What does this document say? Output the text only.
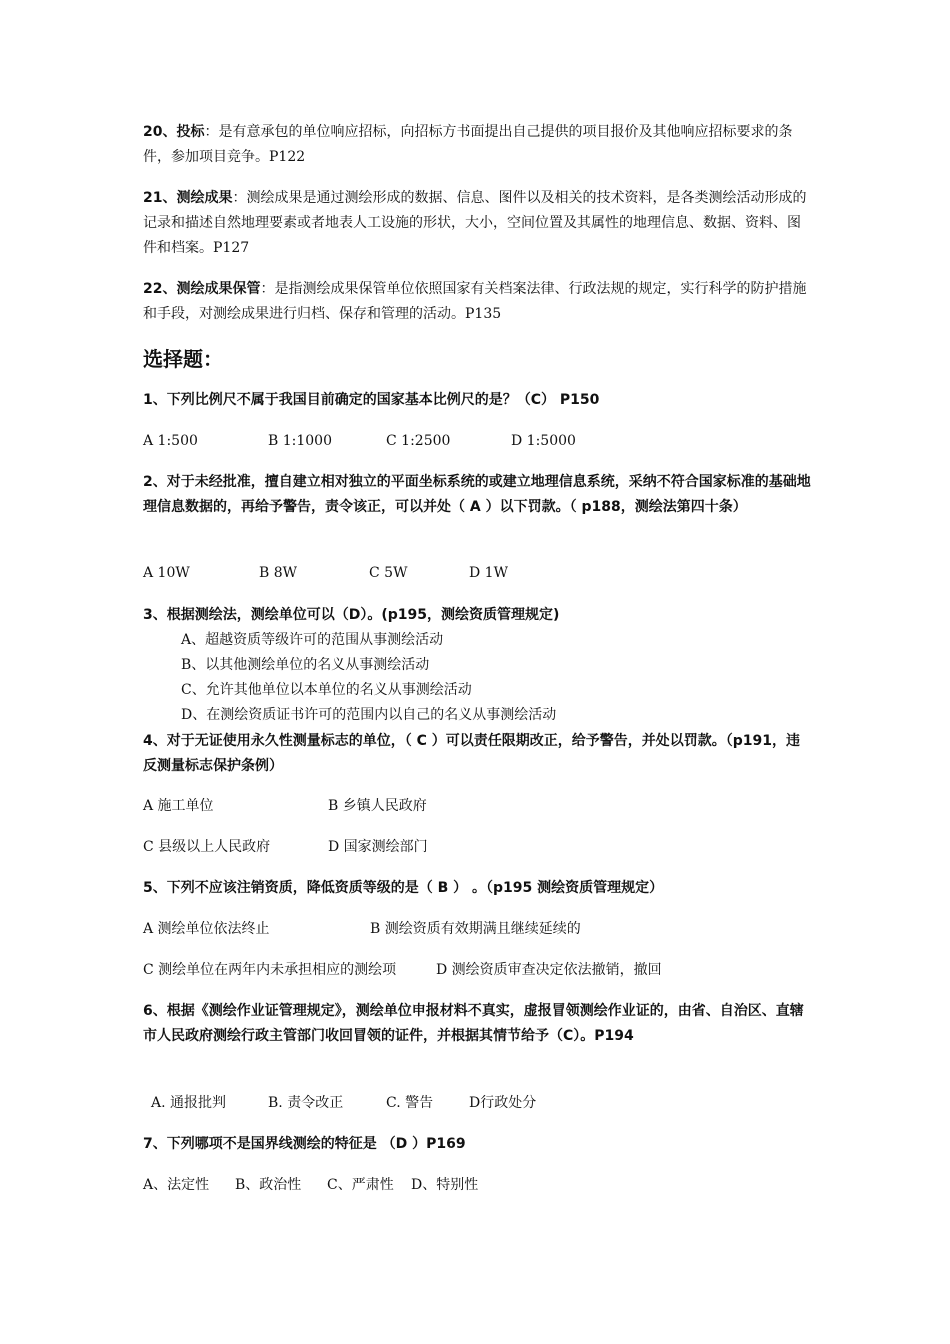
20、投标：是有意承包的单位响应招标，向招标方书面提出自己提供的项目报价及其他响应招标要求的条件，参加项目竞争。P122

21、测绘成果：测绘成果是通过测绘形成的数据、信息、图件以及相关的技术资料，是各类测绘活动形成的记录和描述自然地理要素或者地表人工设施的形状，大小，空间位置及其属性的地理信息、数据、资料、图件和档案。P127

22、测绘成果保管：是指测绘成果保管单位依照国家有关档案法律、行政法规的规定，实行科学的防护措施和手段，对测绘成果进行归档、保存和管理的活动。P135

选择题：

1、下列比例尺不属于我国目前确定的国家基本比例尺的是？（C） P150

A 1:500	B 1:1000	C 1:2500	D 1:5000

2、对于未经批准，擅自建立相对独立的平面坐标系统的或建立地理信息系统，采纳不符合国家标准的基础地理信息数据的，再给予警告，责令该正，可以并处（ A ）以下罚款。（ p188，测绘法第四十条）

A 10W	B 8W	C 5W	D 1W

3、根据测绘法，测绘单位可以（D）。(p195，测绘资质管理规定)

A、超越资质等级许可的范围从事测绘活动
B、以其他测绘单位的名义从事测绘活动
C、允许其他单位以本单位的名义从事测绘活动
D、在测绘资质证书许可的范围内以自己的名义从事测绘活动

4、对于无证使用永久性测量标志的单位，（ C ）可以责任限期改正，给予警告，并处以罚款。（p191，违反测量标志保护条例）

A 施工单位	B 乡镇人民政府
C 县级以上人民政府	D 国家测绘部门

5、下列不应该注销资质，降低资质等级的是（ B ） 。（p195 测绘资质管理规定）

A 测绘单位依法终止	B 测绘资质有效期满且继续延续的
C 测绘单位在两年内未承担相应的测绘项	D 测绘资质审查决定依法撤销，撤回

6、根据《测绘作业证管理规定》，测绘单位申报材料不真实，虚报冒领测绘作业证的，由省、自治区、直辖市人民政府测绘行政主管部门收回冒领的证件，并根据其情节给予（C）。P194

A. 通报批判	B. 责令改正	C. 警告	D行政处分

7、下列哪项不是国界线测绘的特征是 （D ）P169

A、法定性 B、政治性 C、严肃性 D、特别性
